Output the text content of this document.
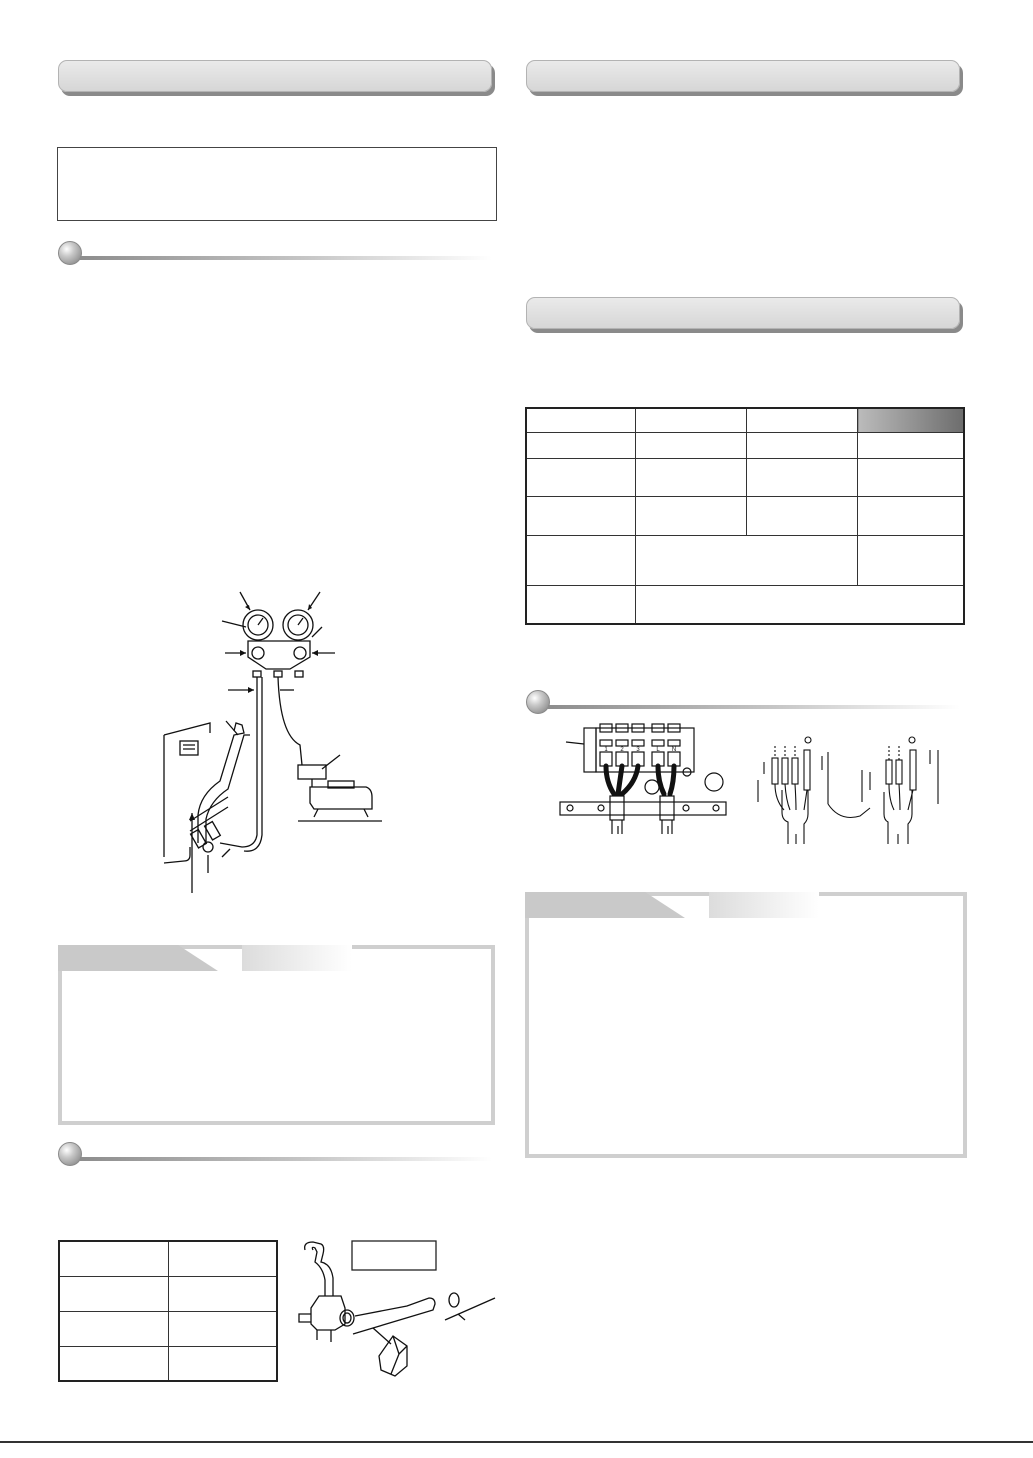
1 2 3	L N
